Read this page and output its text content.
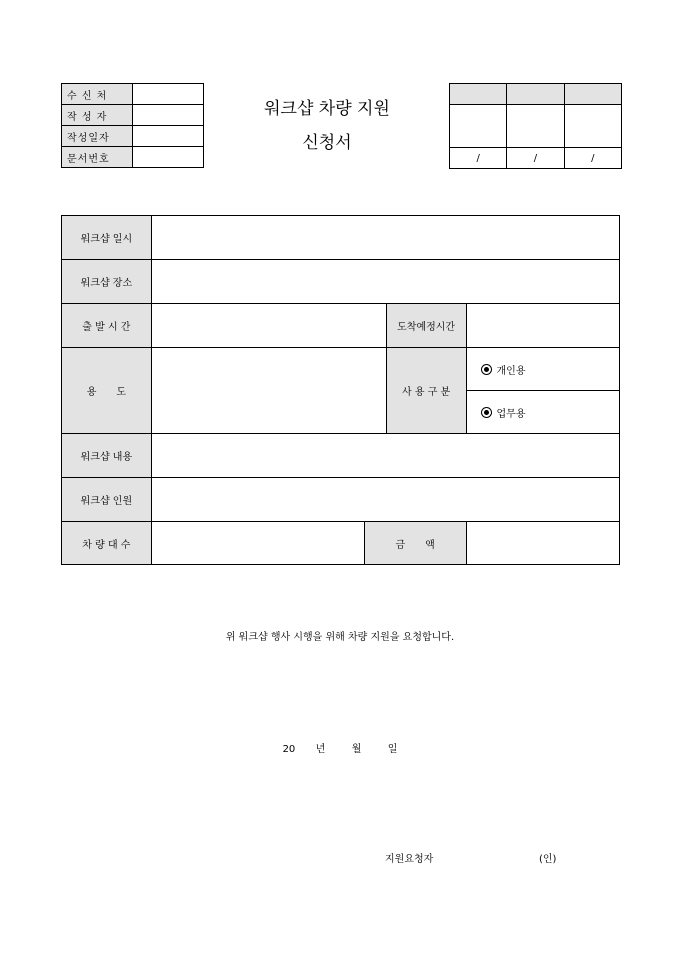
수 신 처	
작 성 자	
작성일자	
문서번호	
워크샵 차량 지원
신청서

/	/	/
워크샵 일시				
워크샵 장소				
출 발 시 간			도착예정시간	
용　　도			사 용 구 분	개인용
				업무용
워크샵 내용				
워크샵 인원				
차 량 대 수		금　　액		
위 워크샵 행사 시행을 위해 차량 지원을 요청합니다.
20 년	월	일
지원요청자	(인)
